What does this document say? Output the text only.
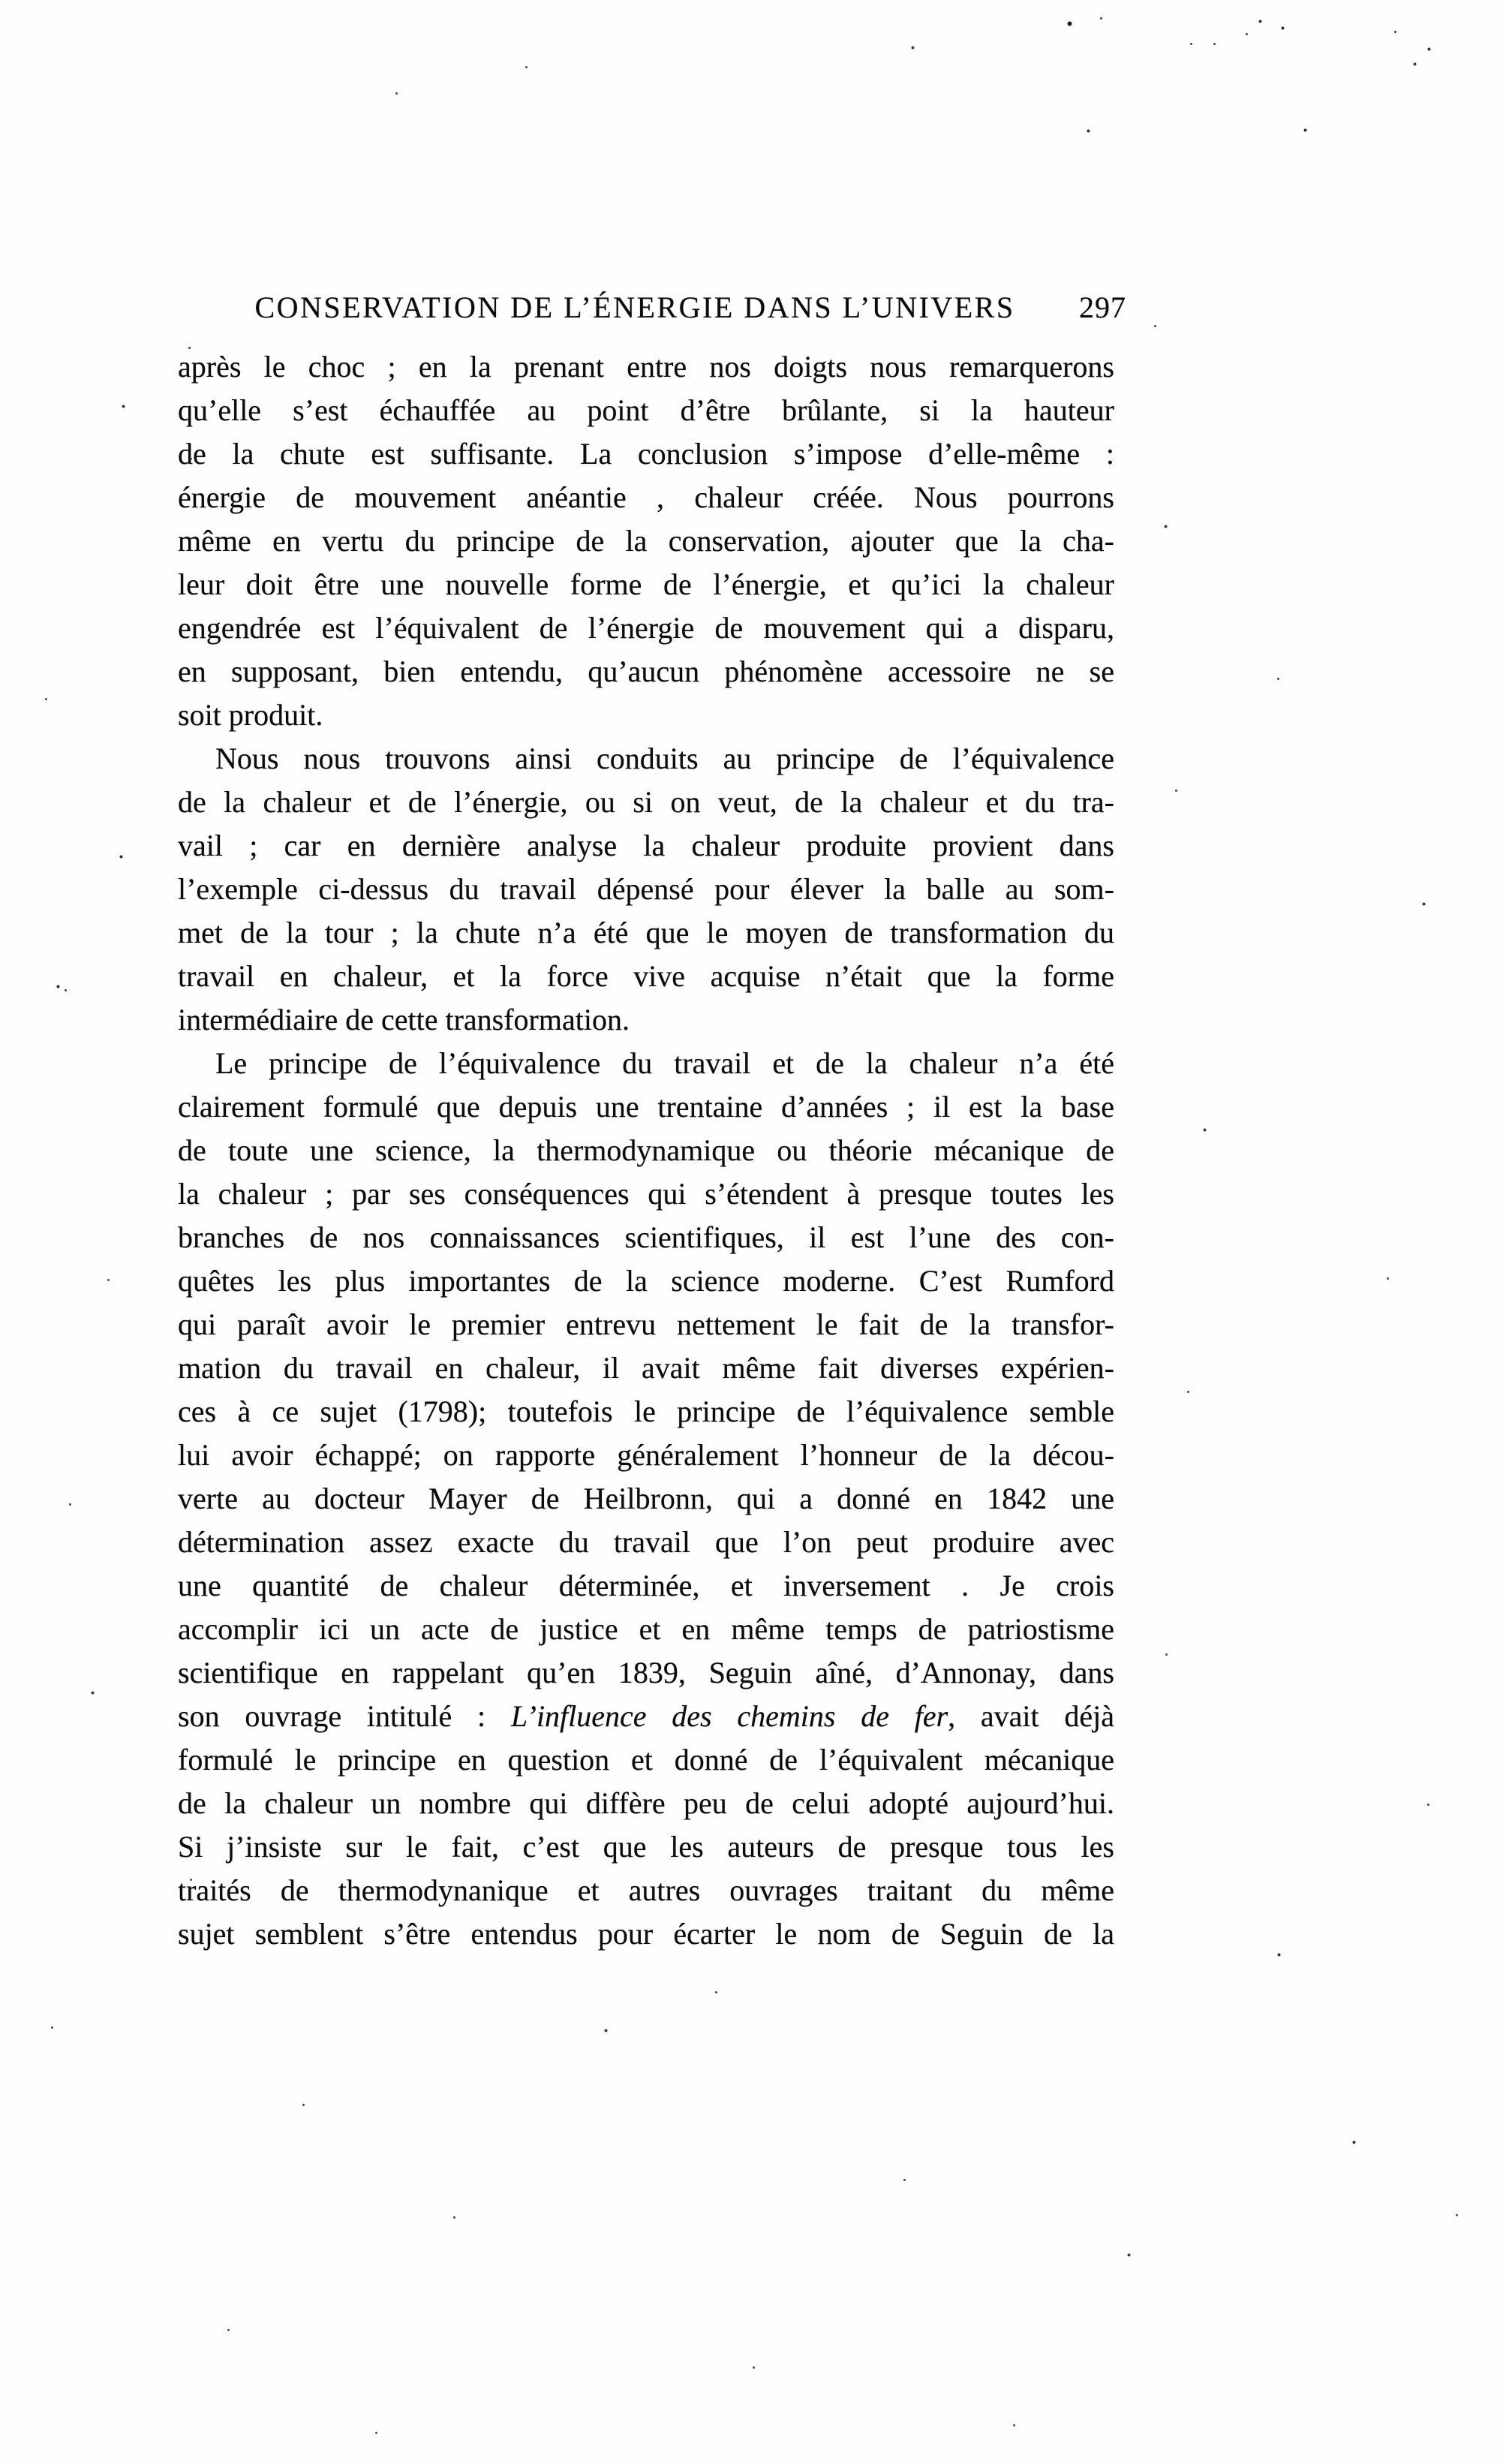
CONSERVATION DE L’ÉNERGIE DANS L’UNIVERS	297
après le choc ; en la prenant entre nos doigts nous remarquerons
qu’elle s’est échauffée au point d’être brûlante, si la hauteur
de la chute est suffisante. La conclusion s’impose d’elle-même :
énergie de mouvement anéantie , chaleur créée. Nous pourrons
même en vertu du principe de la conservation, ajouter que la cha-
leur doit être une nouvelle forme de l’énergie, et qu’ici la chaleur
engendrée est l’équivalent de l’énergie de mouvement qui a disparu,
en supposant, bien entendu, qu’aucun phénomène accessoire ne se
soit produit.
Nous nous trouvons ainsi conduits au principe de l’équivalence
de la chaleur et de l’énergie, ou si on veut, de la chaleur et du tra-
vail ; car en dernière analyse la chaleur produite provient dans
l’exemple ci-dessus du travail dépensé pour élever la balle au som-
met de la tour ; la chute n’a été que le moyen de transformation du
travail en chaleur, et la force vive acquise n’était que la forme
intermédiaire de cette transformation.
Le principe de l’équivalence du travail et de la chaleur n’a été
clairement formulé que depuis une trentaine d’années ; il est la base
de toute une science, la thermodynamique ou théorie mécanique de
la chaleur ; par ses conséquences qui s’étendent à presque toutes les
branches de nos connaissances scientifiques, il est l’une des con-
quêtes les plus importantes de la science moderne. C’est Rumford
qui paraît avoir le premier entrevu nettement le fait de la transfor-
mation du travail en chaleur, il avait même fait diverses expérien-
ces à ce sujet (1798); toutefois le principe de l’équivalence semble
lui avoir échappé; on rapporte généralement l’honneur de la décou-
verte au docteur Mayer de Heilbronn, qui a donné en 1842 une
détermination assez exacte du travail que l’on peut produire avec
une quantité de chaleur déterminée, et inversement . Je crois
accomplir ici un acte de justice et en même temps de patriostisme
scientifique en rappelant qu’en 1839, Seguin aîné, d’Annonay, dans
son ouvrage intitulé : L’influence des chemins de fer, avait déjà
formulé le principe en question et donné de l’équivalent mécanique
de la chaleur un nombre qui diffère peu de celui adopté aujourd’hui.
Si j’insiste sur le fait, c’est que les auteurs de presque tous les
traités de thermodynanique et autres ouvrages traitant du même
sujet semblent s’être entendus pour écarter le nom de Seguin de la
